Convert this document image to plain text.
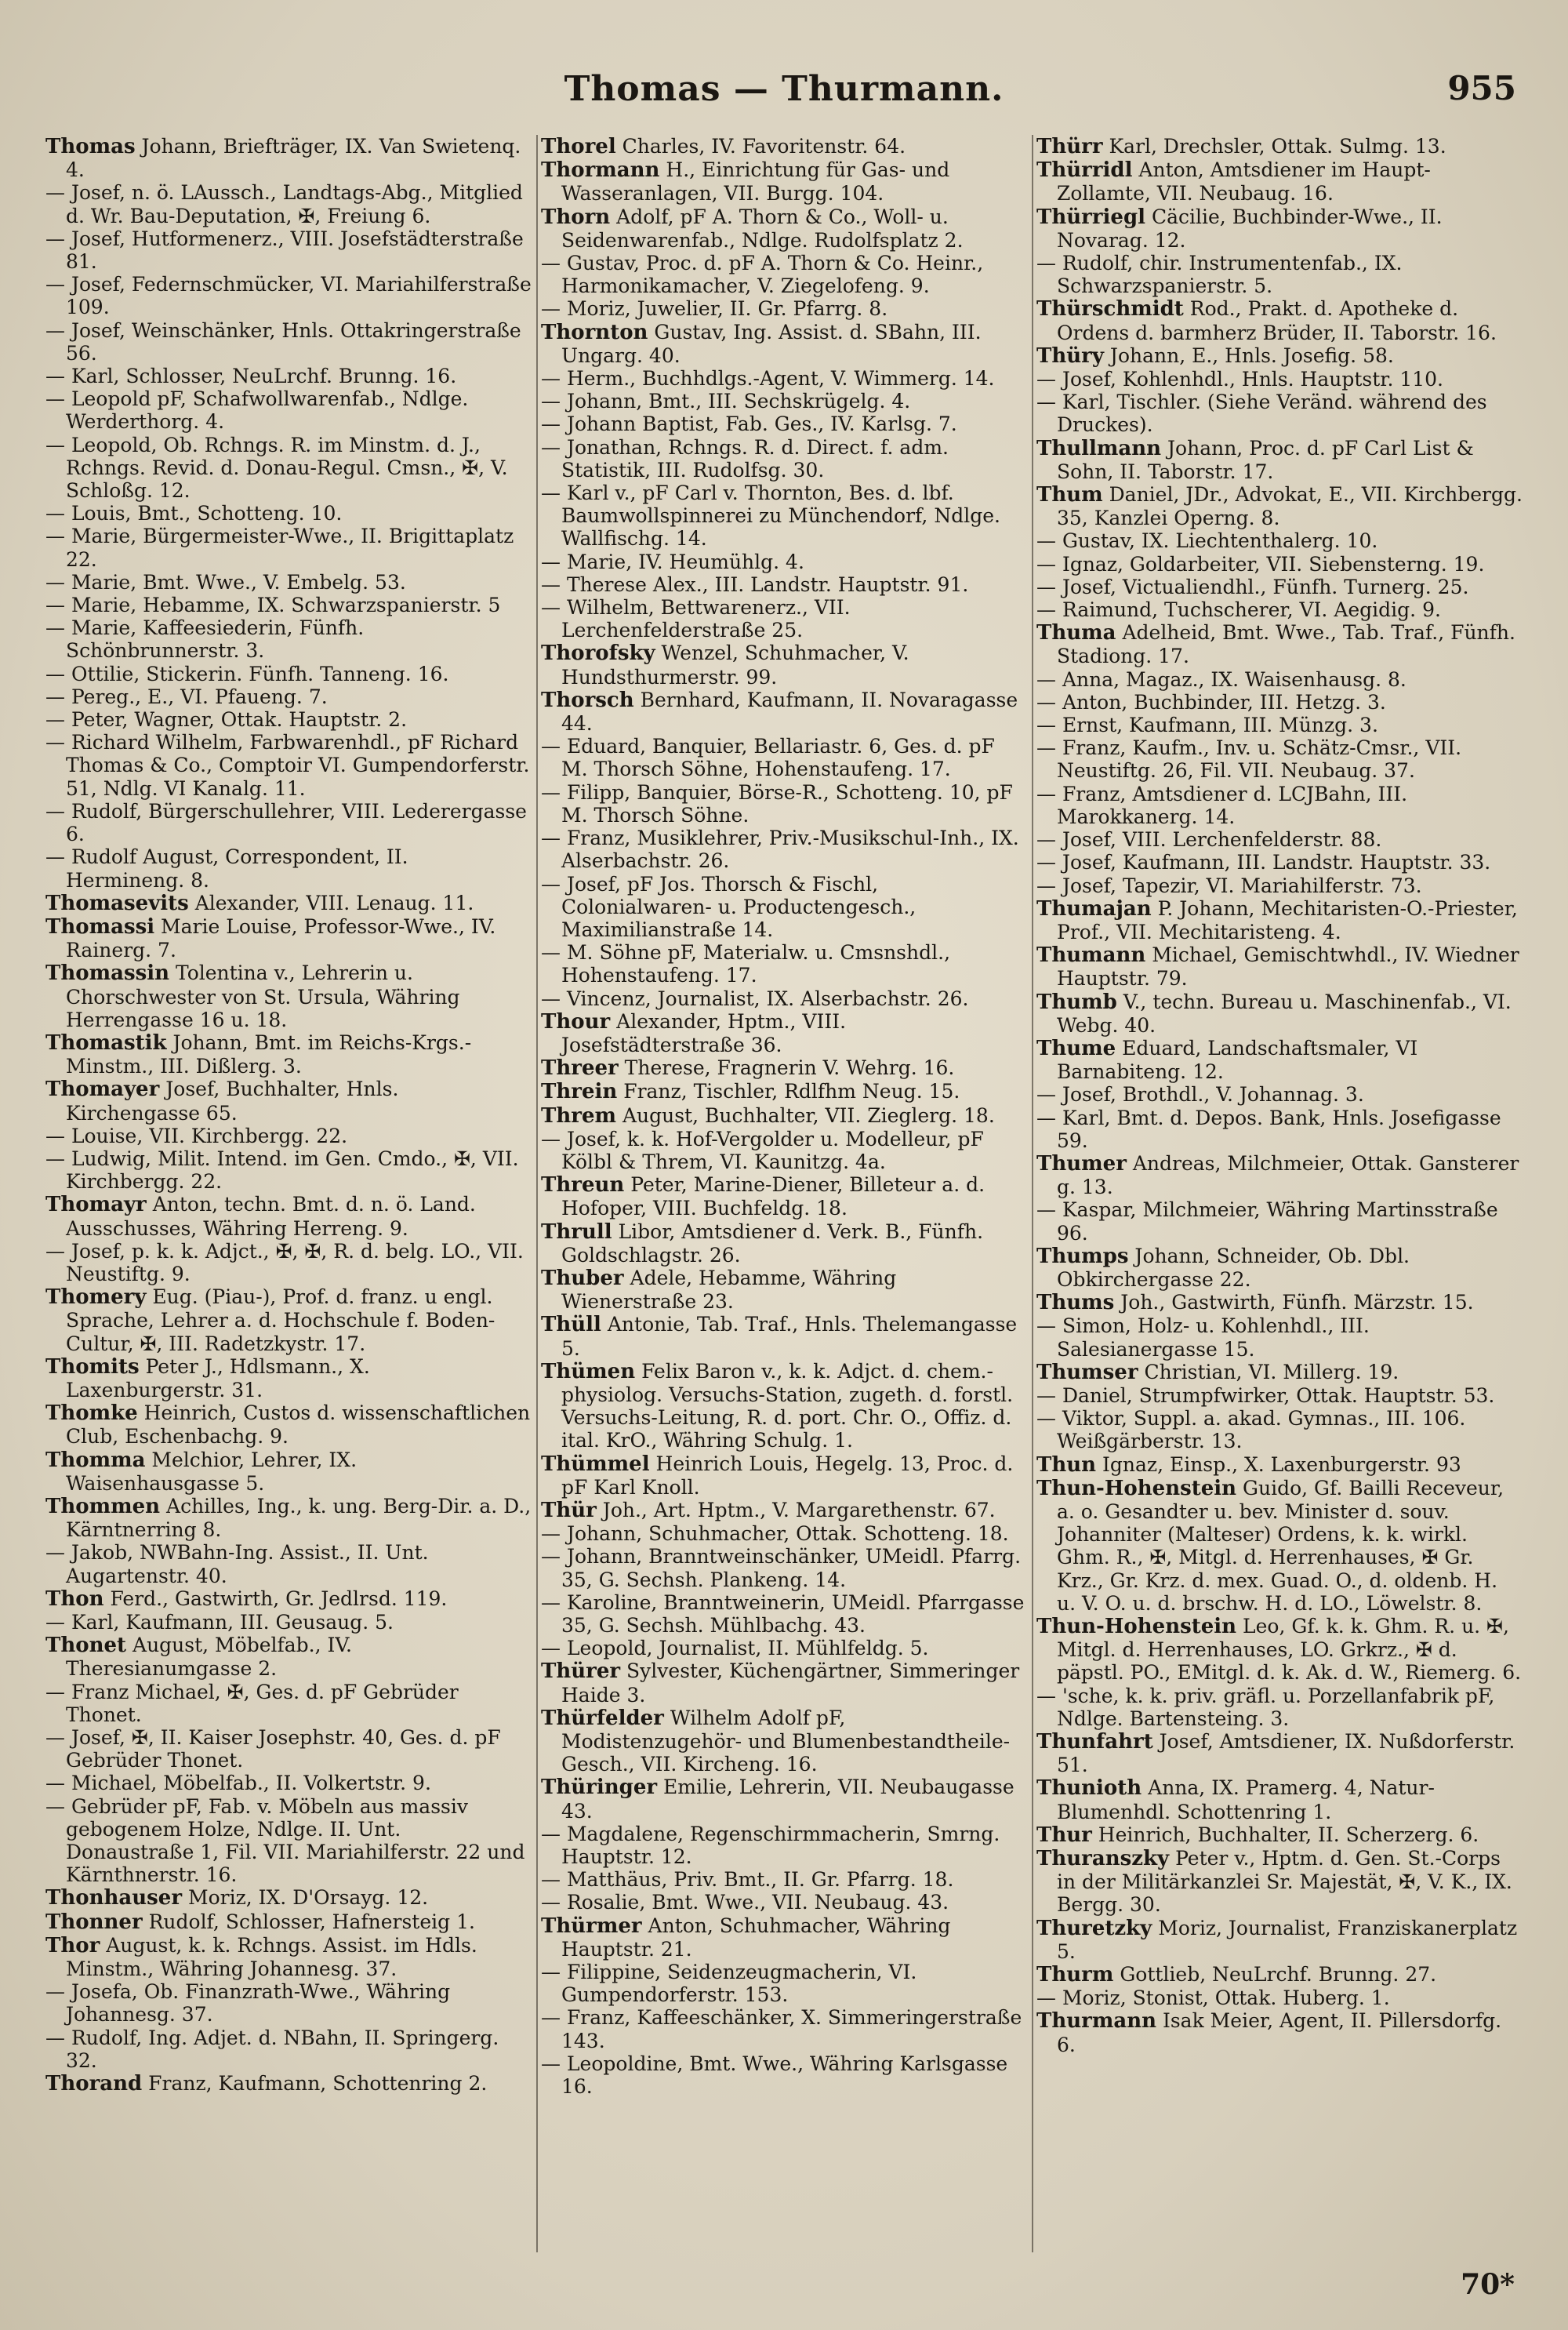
Thomas — Thurmann.	955

Thomas Johann, Briefträger, IX. Van Swietenq. 4.

— Josef, n. ö. LAussch., Landtags-Abg., Mitglied d. Wr. Bau-Deputation, ✠, Freiung 6.

— Josef, Hutformenerz., VIII. Josefstädterstraße 81.

— Josef, Federnschmücker, VI. Mariahilferstraße 109.

— Josef, Weinschänker, Hnls. Ottakringerstraße 56.

— Karl, Schlosser, NeuLrchf. Brunng. 16.

— Leopold pF, Schafwollwarenfab., Ndlge. Werderthorg. 4.

— Leopold, Ob. Rchngs. R. im Minstm. d. J., Rchngs. Revid. d. Donau-Regul. Cmsn., ✠, V. Schloßg. 12.

— Louis, Bmt., Schotteng. 10.

— Marie, Bürgermeister-Wwe., II. Brigittaplatz 22.

— Marie, Bmt. Wwe., V. Embelg. 53.

— Marie, Hebamme, IX. Schwarzspanierstr. 5

— Marie, Kaffeesiederin, Fünfh. Schönbrunnerstr. 3.

— Ottilie, Stickerin. Fünfh. Tanneng. 16.

— Pereg., E., VI. Pfaueng. 7.

— Peter, Wagner, Ottak. Hauptstr. 2.

— Richard Wilhelm, Farbwarenhdl., pF Richard Thomas & Co., Comptoir VI. Gumpendorferstr. 51, Ndlg. VI Kanalg. 11.

— Rudolf, Bürgerschullehrer, VIII. Lederergasse 6.

— Rudolf August, Correspondent, II. Hermineng. 8.

Thomasevits Alexander, VIII. Lenaug. 11.

Thomassi Marie Louise, Professor-Wwe., IV. Rainerg. 7.

Thomassin Tolentina v., Lehrerin u. Chorschwester von St. Ursula, Währing Herrengasse 16 u. 18.

Thomastik Johann, Bmt. im Reichs-Krgs.-Minstm., III. Dißlerg. 3.

Thomayer Josef, Buchhalter, Hnls. Kirchengasse 65.

— Louise, VII. Kirchbergg. 22.

— Ludwig, Milit. Intend. im Gen. Cmdo., ✠, VII. Kirchbergg. 22.

Thomayr Anton, techn. Bmt. d. n. ö. Land. Ausschusses, Währing Herreng. 9.

— Josef, p. k. k. Adjct., ✠, ✠, R. d. belg. LO., VII. Neustiftg. 9.

Thomery Eug. (Piau-), Prof. d. franz. u engl. Sprache, Lehrer a. d. Hochschule f. Boden-Cultur, ✠, III. Radetzkystr. 17.

Thomits Peter J., Hdlsmann., X. Laxenburgerstr. 31.

Thomke Heinrich, Custos d. wissenschaftlichen Club, Eschenbachg. 9.

Thomma Melchior, Lehrer, IX. Waisenhausgasse 5.

Thommen Achilles, Ing., k. ung. Berg-Dir. a. D., Kärntnerring 8.

— Jakob, NWBahn-Ing. Assist., II. Unt. Augartenstr. 40.

Thon Ferd., Gastwirth, Gr. Jedlrsd. 119.

— Karl, Kaufmann, III. Geusaug. 5.

Thonet August, Möbelfab., IV. Theresianumgasse 2.

— Franz Michael, ✠, Ges. d. pF Gebrüder Thonet.

— Josef, ✠, II. Kaiser Josephstr. 40, Ges. d. pF Gebrüder Thonet.

— Michael, Möbelfab., II. Volkertstr. 9.

— Gebrüder pF, Fab. v. Möbeln aus massiv gebogenem Holze, Ndlge. II. Unt. Donaustraße 1, Fil. VII. Mariahilferstr. 22 und Kärnthnerstr. 16.

Thonhauser Moriz, IX. D'Orsayg. 12.

Thonner Rudolf, Schlosser, Hafnersteig 1.

Thor August, k. k. Rchngs. Assist. im Hdls. Minstm., Währing Johannesg. 37.

— Josefa, Ob. Finanzrath-Wwe., Währing Johannesg. 37.

— Rudolf, Ing. Adjet. d. NBahn, II. Springerg. 32.

Thorand Franz, Kaufmann, Schottenring 2.

Thorel Charles, IV. Favoritenstr. 64.

Thormann H., Einrichtung für Gas- und Wasseranlagen, VII. Burgg. 104.

Thorn Adolf, pF A. Thorn & Co., Woll- u. Seidenwarenfab., Ndlge. Rudolfsplatz 2.

— Gustav, Proc. d. pF A. Thorn & Co. Heinr., Harmonikamacher, V. Ziegelofeng. 9.

— Moriz, Juwelier, II. Gr. Pfarrg. 8.

Thornton Gustav, Ing. Assist. d. SBahn, III. Ungarg. 40.

— Herm., Buchhdlgs.-Agent, V. Wimmerg. 14.

— Johann, Bmt., III. Sechskrügelg. 4.

— Johann Baptist, Fab. Ges., IV. Karlsg. 7.

— Jonathan, Rchngs. R. d. Direct. f. adm. Statistik, III. Rudolfsg. 30.

— Karl v., pF Carl v. Thornton, Bes. d. lbf. Baumwollspinnerei zu Münchendorf, Ndlge. Wallfischg. 14.

— Marie, IV. Heumühlg. 4.

— Therese Alex., III. Landstr. Hauptstr. 91.

— Wilhelm, Bettwarenerz., VII. Lerchenfelderstraße 25.

Thorofsky Wenzel, Schuhmacher, V. Hundsthurmerstr. 99.

Thorsch Bernhard, Kaufmann, II. Novaragasse 44.

— Eduard, Banquier, Bellariastr. 6, Ges. d. pF M. Thorsch Söhne, Hohenstaufeng. 17.

— Filipp, Banquier, Börse-R., Schotteng. 10, pF M. Thorsch Söhne.

— Franz, Musiklehrer, Priv.-Musikschul-Inh., IX. Alserbachstr. 26.

— Josef, pF Jos. Thorsch & Fischl, Colonialwaren- u. Productengesch., Maximilianstraße 14.

— M. Söhne pF, Materialw. u. Cmsnshdl., Hohenstaufeng. 17.

— Vincenz, Journalist, IX. Alserbachstr. 26.

Thour Alexander, Hptm., VIII. Josefstädterstraße 36.

Threer Therese, Fragnerin V. Wehrg. 16.

Threin Franz, Tischler, Rdlfhm Neug. 15.

Threm August, Buchhalter, VII. Zieglerg. 18.

— Josef, k. k. Hof-Vergolder u. Modelleur, pF Kölbl & Threm, VI. Kaunitzg. 4a.

Threun Peter, Marine-Diener, Billeteur a. d. Hofoper, VIII. Buchfeldg. 18.

Thrull Libor, Amtsdiener d. Verk. B., Fünfh. Goldschlagstr. 26.

Thuber Adele, Hebamme, Währing Wienerstraße 23.

Thüll Antonie, Tab. Traf., Hnls. Thelemangasse 5.

Thümen Felix Baron v., k. k. Adjct. d. chem.-physiolog. Versuchs-Station, zugeth. d. forstl. Versuchs-Leitung, R. d. port. Chr. O., Offiz. d. ital. KrO., Währing Schulg. 1.

Thümmel Heinrich Louis, Hegelg. 13, Proc. d. pF Karl Knoll.

Thür Joh., Art. Hptm., V. Margarethenstr. 67.

— Johann, Schuhmacher, Ottak. Schotteng. 18.

— Johann, Branntweinschänker, UMeidl. Pfarrg. 35, G. Sechsh. Plankeng. 14.

— Karoline, Branntweinerin, UMeidl. Pfarrgasse 35, G. Sechsh. Mühlbachg. 43.

— Leopold, Journalist, II. Mühlfeldg. 5.

Thürer Sylvester, Küchengärtner, Simmeringer Haide 3.

Thürfelder Wilhelm Adolf pF, Modistenzugehör- und Blumenbestandtheile-Gesch., VII. Kircheng. 16.

Thüringer Emilie, Lehrerin, VII. Neubaugasse 43.

— Magdalene, Regenschirmmacherin, Smrng. Hauptstr. 12.

— Matthäus, Priv. Bmt., II. Gr. Pfarrg. 18.

— Rosalie, Bmt. Wwe., VII. Neubaug. 43.

Thürmer Anton, Schuhmacher, Währing Hauptstr. 21.

— Filippine, Seidenzeugmacherin, VI. Gumpendorferstr. 153.

— Franz, Kaffeeschänker, X. Simmeringerstraße 143.

— Leopoldine, Bmt. Wwe., Währing Karlsgasse 16.

Thürr Karl, Drechsler, Ottak. Sulmg. 13.

Thürridl Anton, Amtsdiener im Haupt-Zollamte, VII. Neubaug. 16.

Thürriegl Cäcilie, Buchbinder-Wwe., II. Novarag. 12.

— Rudolf, chir. Instrumentenfab., IX. Schwarzspanierstr. 5.

Thürschmidt Rod., Prakt. d. Apotheke d. Ordens d. barmherz Brüder, II. Taborstr. 16.

Thüry Johann, E., Hnls. Josefig. 58.

— Josef, Kohlenhdl., Hnls. Hauptstr. 110.

— Karl, Tischler. (Siehe Veränd. während des Druckes).

Thullmann Johann, Proc. d. pF Carl List & Sohn, II. Taborstr. 17.

Thum Daniel, JDr., Advokat, E., VII. Kirchbergg. 35, Kanzlei Operng. 8.

— Gustav, IX. Liechtenthalerg. 10.

— Ignaz, Goldarbeiter, VII. Siebensterng. 19.

— Josef, Victualiendhl., Fünfh. Turnerg. 25.

— Raimund, Tuchscherer, VI. Aegidig. 9.

Thuma Adelheid, Bmt. Wwe., Tab. Traf., Fünfh. Stadiong. 17.

— Anna, Magaz., IX. Waisenhausg. 8.

— Anton, Buchbinder, III. Hetzg. 3.

— Ernst, Kaufmann, III. Münzg. 3.

— Franz, Kaufm., Inv. u. Schätz-Cmsr., VII. Neustiftg. 26, Fil. VII. Neubaug. 37.

— Franz, Amtsdiener d. LCJBahn, III. Marokkanerg. 14.

— Josef, VIII. Lerchenfelderstr. 88.

— Josef, Kaufmann, III. Landstr. Hauptstr. 33.

— Josef, Tapezir, VI. Mariahilferstr. 73.

Thumajan P. Johann, Mechitaristen-O.-Priester, Prof., VII. Mechitaristeng. 4.

Thumann Michael, Gemischtwhdl., IV. Wiedner Hauptstr. 79.

Thumb V., techn. Bureau u. Maschinenfab., VI. Webg. 40.

Thume Eduard, Landschaftsmaler, VI Barnabiteng. 12.

— Josef, Brothdl., V. Johannag. 3.

— Karl, Bmt. d. Depos. Bank, Hnls. Josefigasse 59.

Thumer Andreas, Milchmeier, Ottak. Gansterer g. 13.

— Kaspar, Milchmeier, Währing Martinsstraße 96.

Thumps Johann, Schneider, Ob. Dbl. Obkirchergasse 22.

Thums Joh., Gastwirth, Fünfh. Märzstr. 15.

— Simon, Holz- u. Kohlenhdl., III. Salesianergasse 15.

Thumser Christian, VI. Millerg. 19.

— Daniel, Strumpfwirker, Ottak. Hauptstr. 53.

— Viktor, Suppl. a. akad. Gymnas., III. 106. Weißgärberstr. 13.

Thun Ignaz, Einsp., X. Laxenburgerstr. 93

Thun-Hohenstein Guido, Gf. Bailli Receveur, a. o. Gesandter u. bev. Minister d. souv. Johanniter (Malteser) Ordens, k. k. wirkl. Ghm. R., ✠, Mitgl. d. Herrenhauses, ✠ Gr. Krz., Gr. Krz. d. mex. Guad. O., d. oldenb. H. u. V. O. u. d. brschw. H. d. LO., Löwelstr. 8.

Thun-Hohenstein Leo, Gf. k. k. Ghm. R. u. ✠, Mitgl. d. Herrenhauses, LO. Grkrz., ✠ d. päpstl. PO., EMitgl. d. k. Ak. d. W., Riemerg. 6.

— 'sche, k. k. priv. gräfl. u. Porzellanfabrik pF, Ndlge. Bartensteing. 3.

Thunfahrt Josef, Amtsdiener, IX. Nußdorferstr. 51.

Thunioth Anna, IX. Pramerg. 4, Natur-Blumenhdl. Schottenring 1.

Thur Heinrich, Buchhalter, II. Scherzerg. 6.

Thuranszky Peter v., Hptm. d. Gen. St.-Corps in der Militärkanzlei Sr. Majestät, ✠, V. K., IX. Bergg. 30.

Thuretzky Moriz, Journalist, Franziskanerplatz 5.

Thurm Gottlieb, NeuLrchf. Brunng. 27.

— Moriz, Stonist, Ottak. Huberg. 1.

Thurmann Isak Meier, Agent, II. Pillersdorfg. 6.

70*
